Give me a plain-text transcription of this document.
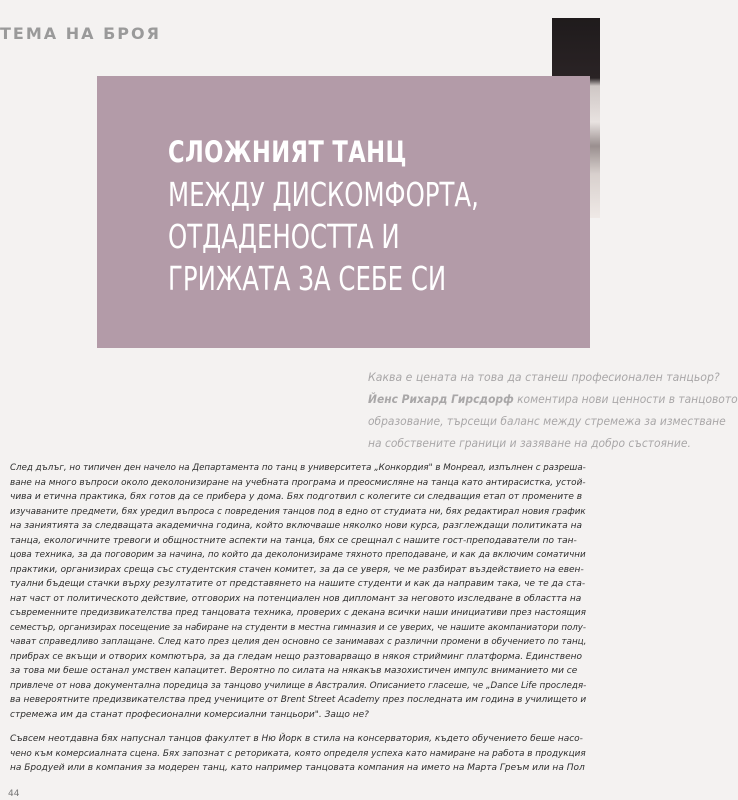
ТЕМА НА БРОЯ
СЛОЖНИЯТ ТАНЦ
МЕЖДУ ДИСКОМФОРТА,
ОТДАДЕНОСТТА И
ГРИЖАТА ЗА СЕБЕ СИ
Каква е цената на това да станеш професионален танцьор?
Йенс Рихард Гирсдорф коментира нови ценности в танцовото
образование, търсещи баланс между стремежа за изместване
на собствените граници и зазяване на добро състояние.

След дълъг, но типичен ден начело на Департамента по танц в университета „Конкордия" в Монреал, изпълнен с разреша-
ване на много въпроси около деколонизиране на учебната програма и преосмисляне на танца като антирасистка, устой-
чива и етична практика, бях готов да се прибера у дома. Бях подготвил с колегите си следващия етап от промените в
изучаваните предмети, бях уредил въпроса с повредения танцов под в едно от студиата ни, бях редактирал новия график
на заниятията за следващата академична година, който включваше няколко нови курса, разглеждащи политиката на
танца, екологичните тревоги и общностните аспекти на танца, бях се срещнал с нашите гост-преподаватели по тан-
цова техника, за да поговорим за начина, по който да деколонизираме тяхното преподаване, и как да включим соматични
практики, организирах среща със студентския стачен комитет, за да се уверя, че ме разбират въздействието на евен-
туални бъдещи стачки върху резултатите от представянето на нашите студенти и как да направим така, че те да ста-
нат част от политическото действие, отговорих на потенциален нов дипломант за неговото изследване в областта на
съвременните предизвикателства пред танцовата техника, проверих с декана всички наши инициативи през настоящия
семестър, организирах посещение за набиране на студенти в местна гимназия и се уверих, че нашите акомпаниатори полу-
чават справедливо заплащане. След като през целия ден основно се занимавах с различни промени в обучението по танц,
прибрах се вкъщи и отворих компютъра, за да гледам нещо разтоварващо в някоя стрийминг платформа. Единствено
за това ми беше останал умствен капацитет. Вероятно по силата на някакъв мазохистичен импулс вниманието ми се
привлече от нова документална поредица за танцово училище в Австралия. Описанието гласеше, че „Dance Life проследя-
ва невероятните предизвикателства пред учениците от Brent Street Academy през последната им година в училището и
стремежа им да станат професионални комерсиални танцьори". Защо не?

Съвсем неотдавна бях напуснал танцов факултет в Ню Йорк в стила на консерватория, където обучението беше насо-
чено към комерсиалната сцена. Бях запознат с реториката, която определя успеха като намиране на работа в продукция
на Бродуей или в компания за модерен танц, като например танцовата компания на името на Марта Греъм или на Пол

44
